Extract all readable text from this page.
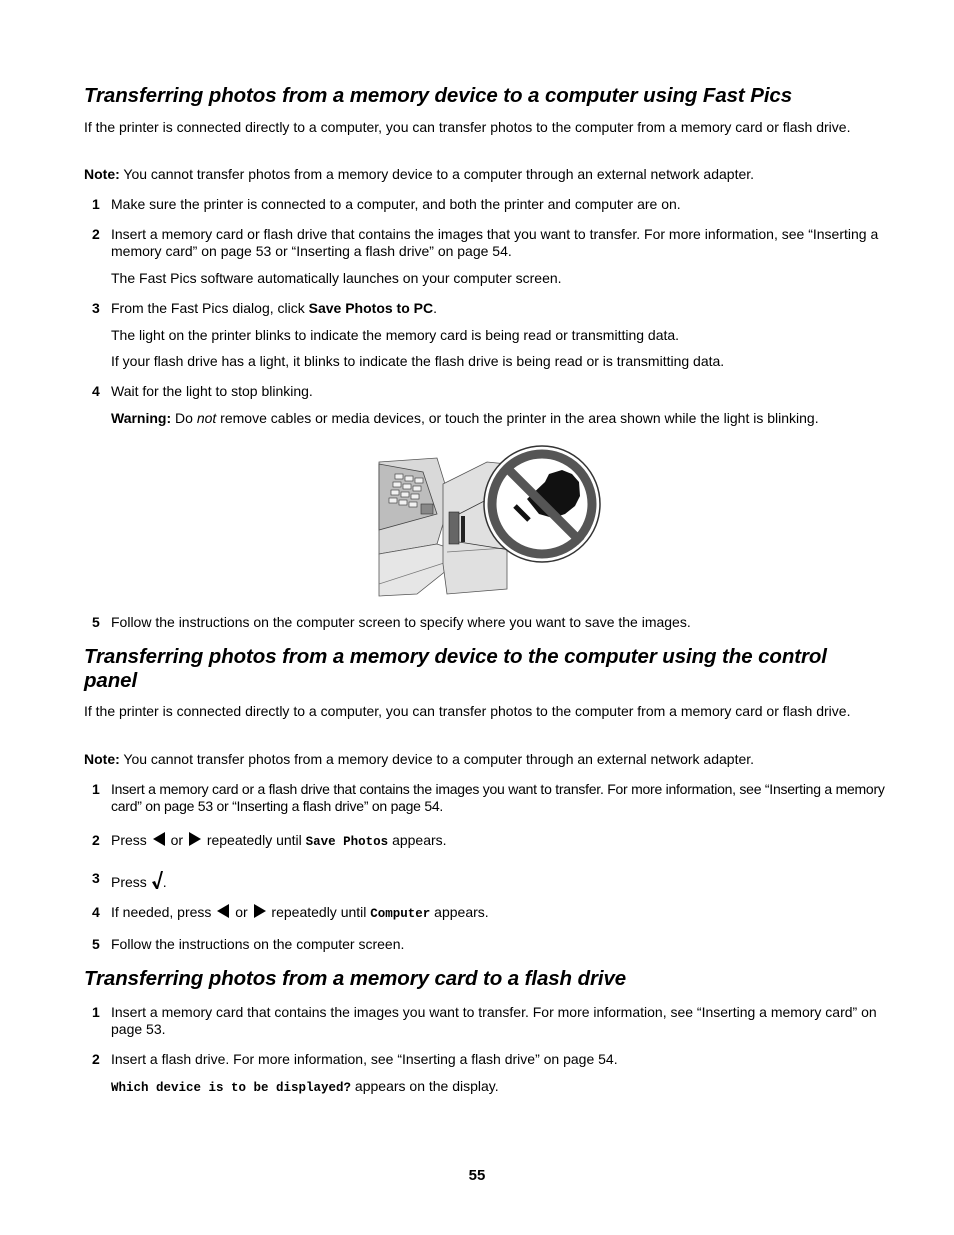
Transferring photos from a memory device to a computer using Fast Pics

If the printer is connected directly to a computer, you can transfer photos to the computer from a memory card or flash drive.

Note: You cannot transfer photos from a memory device to a computer through an external network adapter.

1 Make sure the printer is connected to a computer, and both the printer and computer are on.
2 Insert a memory card or flash drive that contains the images that you want to transfer. For more information, see “Inserting a memory card” on page 53 or “Inserting a flash drive” on page 54.

The Fast Pics software automatically launches on your computer screen.

3 From the Fast Pics dialog, click Save Photos to PC.

The light on the printer blinks to indicate the memory card is being read or transmitting data.

If your flash drive has a light, it blinks to indicate the flash drive is being read or is transmitting data.

4 Wait for the light to stop blinking.

Warning: Do not remove cables or media devices, or touch the printer in the area shown while the light is blinking.

5 Follow the instructions on the computer screen to specify where you want to save the images.
Transferring photos from a memory device to the computer using the control panel

If the printer is connected directly to a computer, you can transfer photos to the computer from a memory card or flash drive.

Note: You cannot transfer photos from a memory device to a computer through an external network adapter.

1 Insert a memory card or a flash drive that contains the images you want to transfer. For more information, see “Inserting a memory card” on page 53 or “Inserting a flash drive” on page 54.
2 Press or repeatedly until Save Photos appears.
3 Press .
4 If needed, press or repeatedly until Computer appears.
5 Follow the instructions on the computer screen.
Transferring photos from a memory card to a flash drive
1 Insert a memory card that contains the images you want to transfer. For more information, see “Inserting a memory card” on page 53.
2 Insert a flash drive. For more information, see “Inserting a flash drive” on page 54.

Which device is to be displayed? appears on the display.

55
